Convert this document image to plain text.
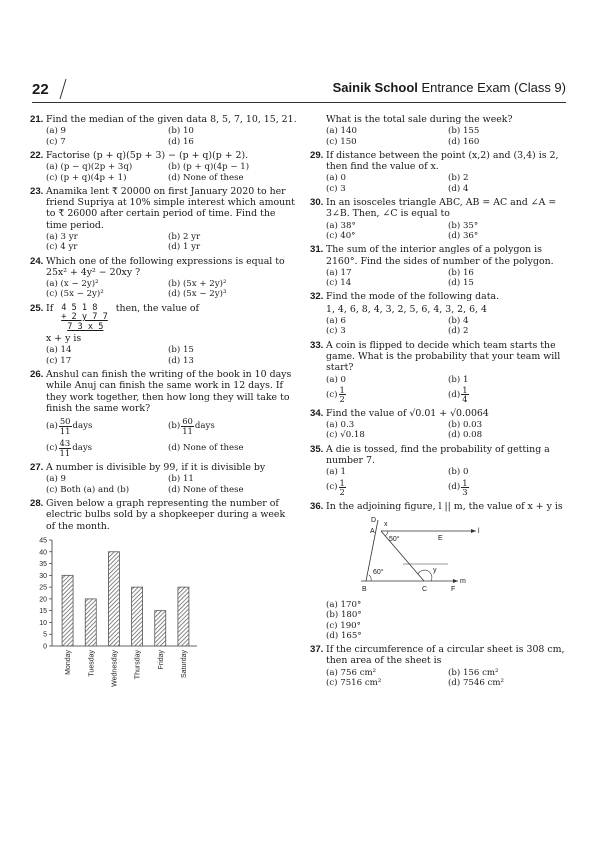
22	Sainik School Entrance Exam (Class 9)
21. Find the median of the given data 8, 5, 7, 10, 15, 21.
(a) 9	(b) 10
(c) 7	(d) 16
22. Factorise (p + q)(5p + 3) − (p + q)(p + 2).
(a) (p − q)(2p + 3q)	(b) (p + q)(4p − 1)
(c) (p + q)(4p + 1)	(d) None of these
23. Anamika lent ₹ 20000 on first January 2020 to her friend Supriya at 10% simple interest which amount to ₹ 26000 after certain period of time. Find the time period.
(a) 3 yr	(b) 2 yr
(c) 4 yr	(d) 1 yr
24. Which one of the following expressions is equal to
25x² + 4y² − 20xy ?
(a) (x − 2y)²	(b) (5x + 2y)²
(c) (5x − 2y)²	(d) (5x − 2y)³
25. If 4 5 1 8
+ 2 y 7 7
7 3 x 5
then, the value of
x + y is
(a) 14	(b) 15
(c) 17	(d) 13
26. Anshul can finish the writing of the book in 10 days while Anuj can finish the same work in 12 days. If they work together, then how long they will take to finish the same work?
$(a) \frac{50}{11}$ days	$(b) \frac{60}{11}$ days
$(c) \frac{43}{11}$ days	(d) None of these
27. A number is divisible by 99, if it is divisible by
(a) 9	(b) 11
(c) Both (a) and (b)	(d) None of these
28. Given below a graph representing the number of electric bulbs sold by a shopkeeper during a week of the month.
0
5
10
15
20
25
30
35
40
45
Monday Tuesday Wednesday Thursday Friday Saturday
What is the total sale during the week?
(a) 140	(b) 155
(c) 150	(d) 160
29. If distance between the point (x,2) and (3,4) is 2, then find the value of x.
(a) 0	(b) 2
(c) 3	(d) 4
30. In an isosceles triangle ABC, AB = AC and ∠A = 3∠B. Then, ∠C is equal to
(a) 38°	(b) 35°
(c) 40°	(d) 36°
31. The sum of the interior angles of a polygon is 2160°. Find the sides of number of the polygon.
(a) 17	(b) 16
(c) 14	(d) 15
32. Find the mode of the following data.
1, 4, 6, 8, 4, 3, 2, 5, 6, 4, 3, 2, 6, 4
(a) 6	(b) 4
(c) 3	(d) 2
33. A coin is flipped to decide which team starts the game. What is the probability that your team will start?
(a) 0	(b) 1
$(c) \frac{1}{2}$	$(d) \frac{1}{4}$
34. Find the value of √0.01 + √0.0064
(a) 0.3	(b) 0.03
(c) √0.18	(d) 0.08
35. A die is tossed, find the probability of getting a number 7.
(a) 1	(b) 0
$(c) \frac{1}{2}$	$(d) \frac{1}{3}$
36. In the adjoining figure, l || m, the value of x + y is
D
A
x
50°	E
l
60°	y
B	C	F
m
(a) 170°
(b) 180°
(c) 190°
(d) 165°
37. If the circumference of a circular sheet is 308 cm, then area of the sheet is
(a) 756 cm²	(b) 156 cm²
(c) 7516 cm²	(d) 7546 cm²
